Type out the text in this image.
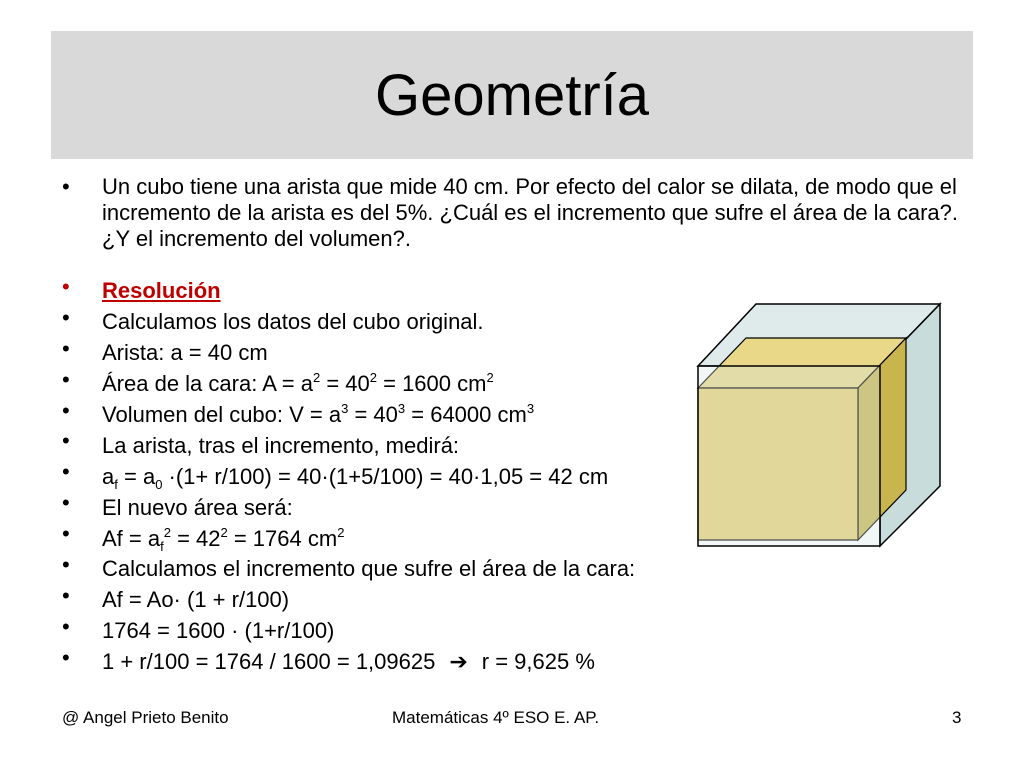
Geometría
• Un cubo tiene una arista que mide 40 cm. Por efecto del calor se dilata, de modo que el incremento de la arista es del 5%. ¿Cuál es el incremento que sufre el área de la cara?. ¿Y el incremento del volumen?.
• Resolución
• Calculamos los datos del cubo original.
• Arista: a = 40 cm
• Área de la cara: $A = a^2 = 40^2 = 1600$ $cm^2$
• Volumen del cubo: $V = a^3 = 40^3 = 64000$ $cm^3$
• La arista, tras el incremento, medirá:
• $a_f = a_0 \cdot(1+ r/100) = 40\cdot(1+5/100) = 40\cdot 1,05 = 42$ cm
• El nuevo área será:
• $Af = a_f^2 = 42^2 = 1764$ $cm^2$
• Calculamos el incremento que sufre el área de la cara:
• Af = Ao· (1 + r/100)
• 1764 = 1600 · (1+r/100)
• 1 + r/100 = 1764 / 1600 = 1,09625 ➔ r = 9,625 %
@ Angel Prieto Benito	Matemáticas 4º ESO E. AP.	3
